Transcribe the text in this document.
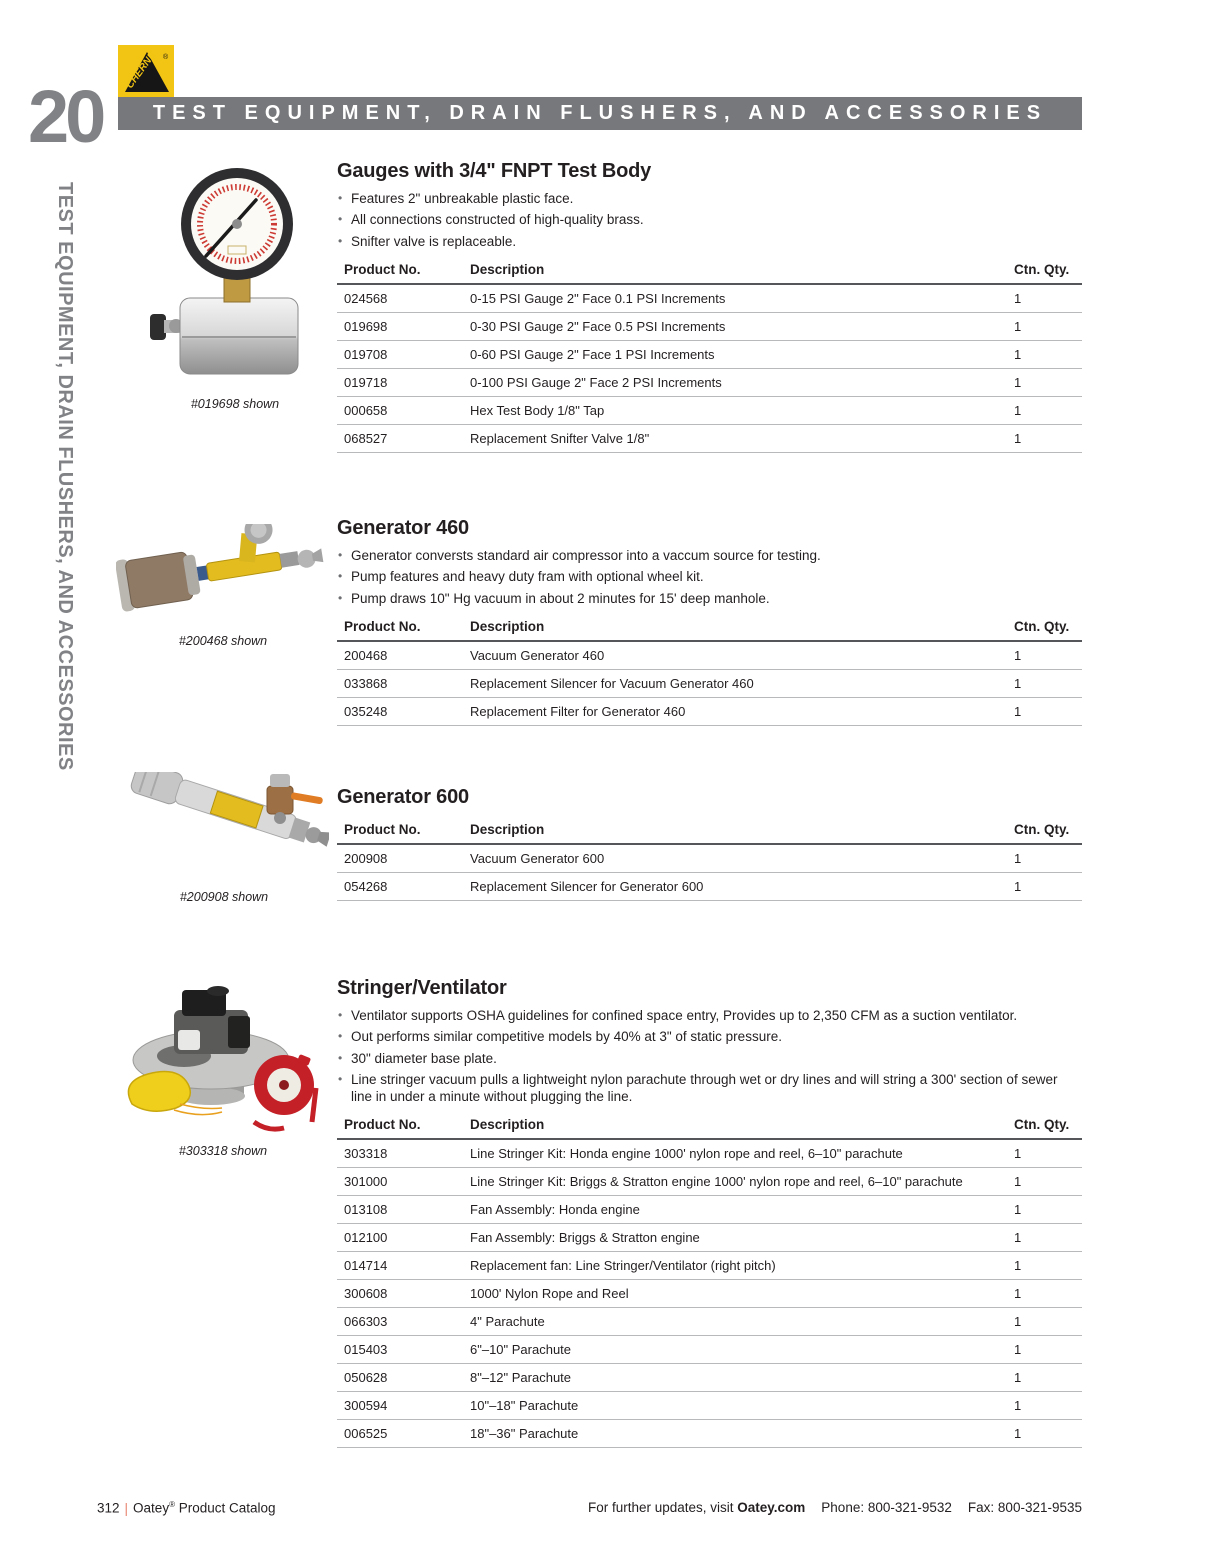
CHERNE ®
20	TEST EQUIPMENT, DRAIN FLUSHERS, AND ACCESSORIES
TEST EQUIPMENT, DRAIN FLUSHERS, AND ACCESSORIES	#019698 shown
#200468 shown
#200908 shown
#303318 shown
Gauges with 3/4" FNPT Test Body
• Features 2" unbreakable plastic face.
• All connections constructed of high-quality brass.
• Snifter valve is replaceable.
Product No.	Description	Ctn. Qty.
024568	0-15 PSI Gauge 2" Face 0.1 PSI Increments	1
019698	0-30 PSI Gauge 2" Face 0.5 PSI Increments	1
019708	0-60 PSI Gauge 2" Face 1 PSI Increments	1
019718	0-100 PSI Gauge 2" Face 2 PSI Increments	1
000658	Hex Test Body 1/8" Tap	1
068527	Replacement Snifter Valve 1/8"	1
Generator 460
• Generator conversts standard air compressor into a vaccum source for testing.
• Pump features and heavy duty fram with optional wheel kit.
• Pump draws 10" Hg vacuum in about 2 minutes for 15' deep manhole.
Product No.	Description	Ctn. Qty.
200468	Vacuum Generator 460	1
033868	Replacement Silencer for Vacuum Generator 460	1
035248	Replacement Filter for Generator 460	1
Generator 600
Product No.	Description	Ctn. Qty.
200908	Vacuum Generator 600	1
054268	Replacement Silencer for Generator 600	1
Stringer/Ventilator
• Ventilator supports OSHA guidelines for confined space entry, Provides up to 2,350 CFM as a suction ventilator.
• Out performs similar competitive models by 40% at 3" of static pressure.
• 30" diameter base plate.
• Line stringer vacuum pulls a lightweight nylon parachute through wet or dry lines and will string a 300' section of sewer line in under a minute without plugging the line.
Product No.	Description	Ctn. Qty.
303318	Line Stringer Kit: Honda engine 1000' nylon rope and reel, 6–10" parachute	1
301000	Line Stringer Kit: Briggs & Stratton engine 1000' nylon rope and reel, 6–10" parachute	1
013108	Fan Assembly: Honda engine	1
012100	Fan Assembly: Briggs & Stratton engine	1
014714	Replacement fan: Line Stringer/Ventilator (right pitch)	1
300608	1000' Nylon Rope and Reel	1
066303	4" Parachute	1
015403	6"–10" Parachute	1
050628	8"–12" Parachute	1
300594	10"–18" Parachute	1
006525	18"–36" Parachute	1
312 | Oatey® Product Catalog	For further updates, visit Oatey.com Phone: 800-321-9532 Fax: 800-321-9535
